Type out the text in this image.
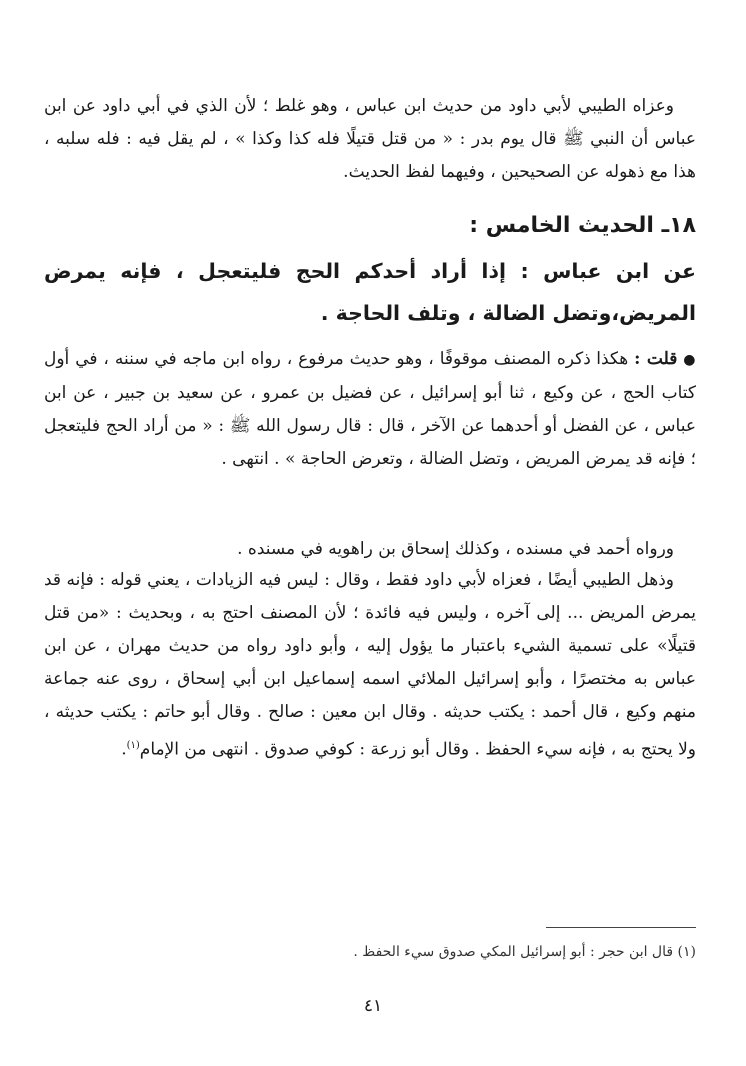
وعزاه الطيبي لأبي داود من حديث ابن عباس ، وهو غلط ؛ لأن الذي في أبي داود عن ابن عباس أن النبي ﷺ قال يوم بدر : « من قتل قتيلًا فله كذا وكذا » ، لم يقل فيه : فله سلبه ، هذا مع ذهوله عن الصحيحين ، وفيهما لفظ الحديث.

١٨ـ الحديث الخامس :
عن ابن عباس : إذا أراد أحدكم الحج فليتعجل ، فإنه يمرض المريض،وتضل الضالة ، وتلف الحاجة .

● قلت : هكذا ذكره المصنف موقوفًا ، وهو حديث مرفوع ، رواه ابن ماجه في سننه ، في أول كتاب الحج ، عن وكيع ، ثنا أبو إسرائيل ، عن فضيل بن عمرو ، عن سعيد بن جبير ، عن ابن عباس ، عن الفضل أو أحدهما عن الآخر ، قال : قال رسول الله ﷺ : « من أراد الحج فليتعجل ؛ فإنه قد يمرض المريض ، وتضل الضالة ، وتعرض الحاجة » . انتهى .

ورواه أحمد في مسنده ، وكذلك إسحاق بن راهويه في مسنده .

وذهل الطيبي أيضًا ، فعزاه لأبي داود فقط ، وقال : ليس فيه الزيادات ، يعني قوله : فإنه قد يمرض المريض ... إلى آخره ، وليس فيه فائدة ؛ لأن المصنف احتج به ، وبحديث : «من قتل قتيلًا» على تسمية الشيء باعتبار ما يؤول إليه ، وأبو داود رواه من حديث مهران ، عن ابن عباس به مختصرًا ، وأبو إسرائيل الملائي اسمه إسماعيل ابن أبي إسحاق ، روى عنه جماعة منهم وكيع ، قال أحمد : يكتب حديثه . وقال ابن معين : صالح . وقال أبو حاتم : يكتب حديثه ، ولا يحتج به ، فإنه سيء الحفظ . وقال أبو زرعة : كوفي صدوق . انتهى من الإمام$^{(١)}$.

(١) قال ابن حجر : أبو إسرائيل المكي صدوق سيء الحفظ .
٤١
